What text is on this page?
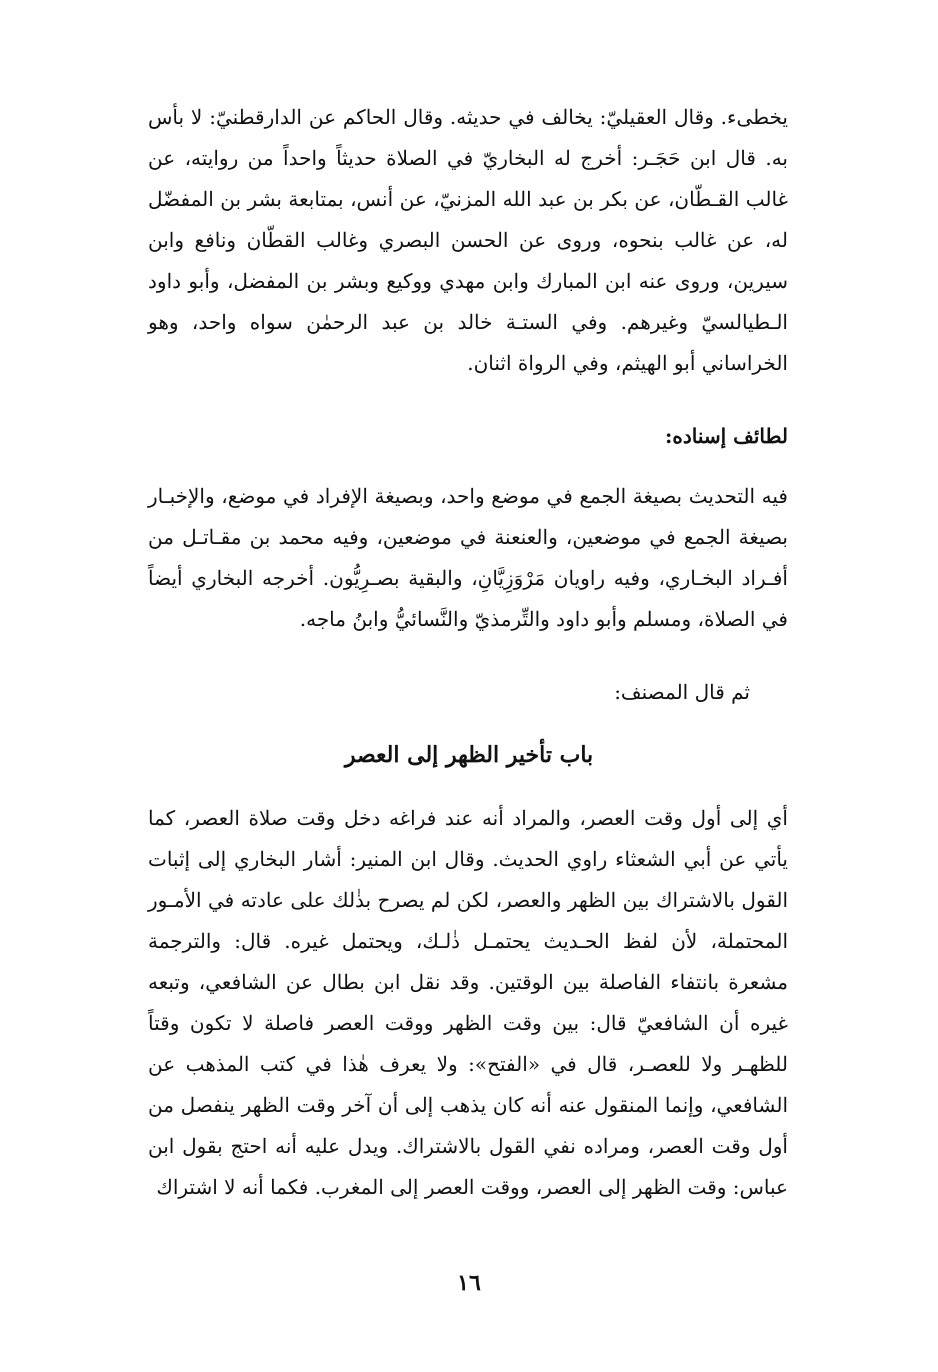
يخطىء. وقال العقيليّ: يخالف في حديثه. وقال الحاكم عن الدارقطنيّ: لا بأس به. قال ابن حَجَـر: أخرج له البخاريّ في الصلاة حديثاً واحداً من روايته، عن غالب القـطّان، عن بكر بن عبد الله المزنيّ، عن أنس، بمتابعة بشر بن المفضّل له، عن غالب بنحوه، وروى عن الحسن البصري وغالب القطّان ونافع وابن سيرين، وروى عنه ابن المبارك وابن مهدي ووكيع وبشر بن المفضل، وأبو داود الـطيالسيّ وغيرهم. وفي الستـة خالد بن عبد الرحمٰن سواه واحد، وهو الخراساني أبو الهيثم، وفي الرواة اثنان.

لطائف إسناده:

فيه التحديث بصيغة الجمع في موضع واحد، وبصيغة الإفراد في موضع، والإخبـار بصيغة الجمع في موضعين، والعنعنة في موضعين، وفيه محمد بن مقـاتـل من أفـراد البخـاري، وفيه راويان مَرْوَزِيَّانِ، والبقية بصـرِيُّون. أخرجه البخاري أيضاً في الصلاة، ومسلم وأبو داود والتِّرمذيّ والنَّسائيُّ وابنُ ماجه.

ثم قال المصنف:

باب تأخير الظهر إلى العصر

أي إلى أول وقت العصر، والمراد أنه عند فراغه دخل وقت صلاة العصر، كما يأتي عن أبي الشعثاء راوي الحديث. وقال ابن المنير: أشار البخاري إلى إثبات القول بالاشتراك بين الظهر والعصر، لكن لم يصرح بذٰلك على عادته في الأمـور المحتملة، لأن لفظ الحـديث يحتمـل ذٰلـك، ويحتمل غيره. قال: والترجمة مشعرة بانتفاء الفاصلة بين الوقتين. وقد نقل ابن بطال عن الشافعي، وتبعه غيره أن الشافعيّ قال: بين وقت الظهر ووقت العصر فاصلة لا تكون وقتاً للظهـر ولا للعصـر، قال في «الفتح»: ولا يعرف هٰذا في كتب المذهب عن الشافعي، وإنما المنقول عنه أنه كان يذهب إلى أن آخر وقت الظهر ينفصل من أول وقت العصر، ومراده نفي القول بالاشتراك. ويدل عليه أنه احتج بقول ابن عباس: وقت الظهر إلى العصر، ووقت العصر إلى المغرب. فكما أنه لا اشتراك

١٦
